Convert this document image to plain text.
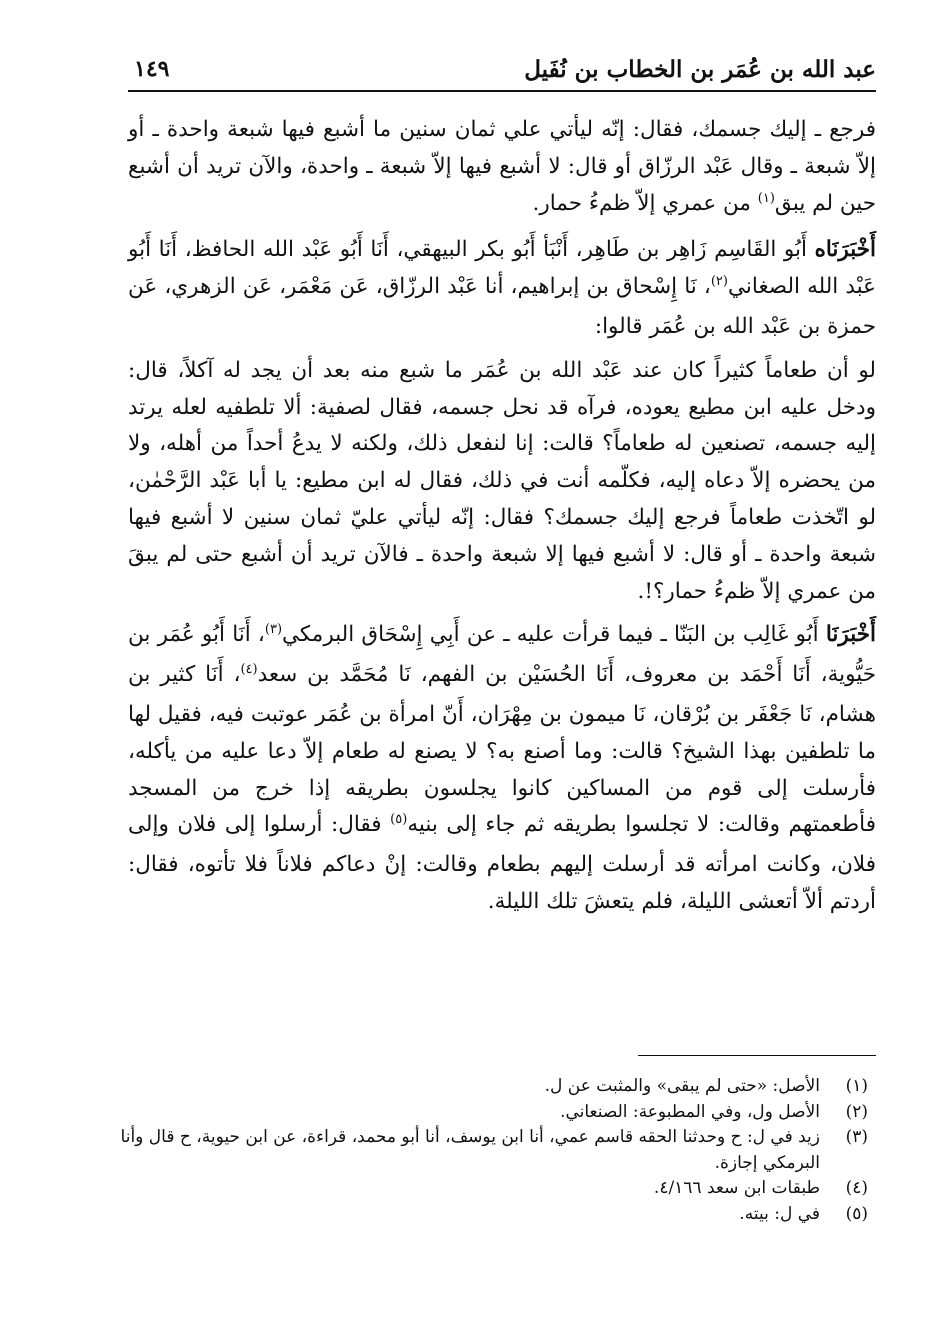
عبد الله بن عُمَر بن الخطاب بن نُفَيل
١٤٩

فرجع ـ إليك جسمك، فقال: إنّه ليأتي علي ثمان سنين ما أشبع فيها شبعة واحدة ـ أو إلاّ شبعة ـ وقال عَبْد الرزّاق أو قال: لا أشبع فيها إلاّ شبعة ـ واحدة، والآن تريد أن أشبع حين لم يبق$^{(١)}$ من عمري إلاّ ظمءُ حمار.

أَخْبَرَنَاه أَبُو القَاسِم زَاهِر بن طَاهِر، أَنْبَأ أَبُو بكر البيهقي، أَنَا أَبُو عَبْد الله الحافظ، أَنَا أَبُو عَبْد الله الصغاني$^{(٢)}$، نَا إِسْحاق بن إبراهيم، أنا عَبْد الرزّاق، عَن مَعْمَر، عَن الزهري، عَن حمزة بن عَبْد الله بن عُمَر قالوا:

لو أن طعاماً كثيراً كان عند عَبْد الله بن عُمَر ما شبع منه بعد أن يجد له آكلاً، قال: ودخل عليه ابن مطيع يعوده، فرآه قد نحل جسمه، فقال لصفية: ألا تلطفيه لعله يرتد إليه جسمه، تصنعين له طعاماً؟ قالت: إنا لنفعل ذلك، ولكنه لا يدعُ أحداً من أهله، ولا من يحضره إلاّ دعاه إليه، فكلّمه أنت في ذلك، فقال له ابن مطيع: يا أبا عَبْد الرَّحْمٰن، لو اتّخذت طعاماً فرجع إليك جسمك؟ فقال: إنّه ليأتي عليّ ثمان سنين لا أشبع فيها شبعة واحدة ـ أو قال: لا أشبع فيها إلا شبعة واحدة ـ فالآن تريد أن أشبع حتى لم يبقَ من عمري إلاّ ظمءُ حمار؟!.

أَخْبَرَنَا أَبُو غَالِب بن البَنّا ـ فيما قرأت عليه ـ عن أَبِي إِسْحَاق البرمكي$^{(٣)}$، أَنَا أَبُو عُمَر بن حَيُّوية، أَنَا أَحْمَد بن معروف، أَنَا الحُسَيْن بن الفهم، نَا مُحَمَّد بن سعد$^{(٤)}$، أَنَا كثير بن هشام، نَا جَعْفَر بن بُرْقان، نَا ميمون بن مِهْرَان، أَنّ امرأة بن عُمَر عوتبت فيه، فقيل لها ما تلطفين بهذا الشيخ؟ قالت: وما أصنع به؟ لا يصنع له طعام إلاّ دعا عليه من يأكله، فأرسلت إلى قوم من المساكين كانوا يجلسون بطريقه إذا خرج من المسجد فأطعمتهم وقالت: لا تجلسوا بطريقه ثم جاء إلى بنيه$^{(٥)}$ فقال: أرسلوا إلى فلان وإلى فلان، وكانت امرأته قد أرسلت إليهم بطعام وقالت: إنْ دعاكم فلاناً فلا تأتوه، فقال: أردتم ألاّ أتعشى الليلة، فلم يتعشَ تلك الليلة.

(١)
الأصل: «حتى لم يبقى» والمثبت عن ل.
(٢)
الأصل ول، وفي المطبوعة: الصنعاني.
(٣)
زيد في ل: ح وحدثنا الحقه قاسم عمي، أنا ابن يوسف، أنا أبو محمد، قراءة، عن ابن حيوية، ح قال وأنا البرمكي إجازة.
(٤)
طبقات ابن سعد ٤/١٦٦.
(٥)
في ل: بيته.
